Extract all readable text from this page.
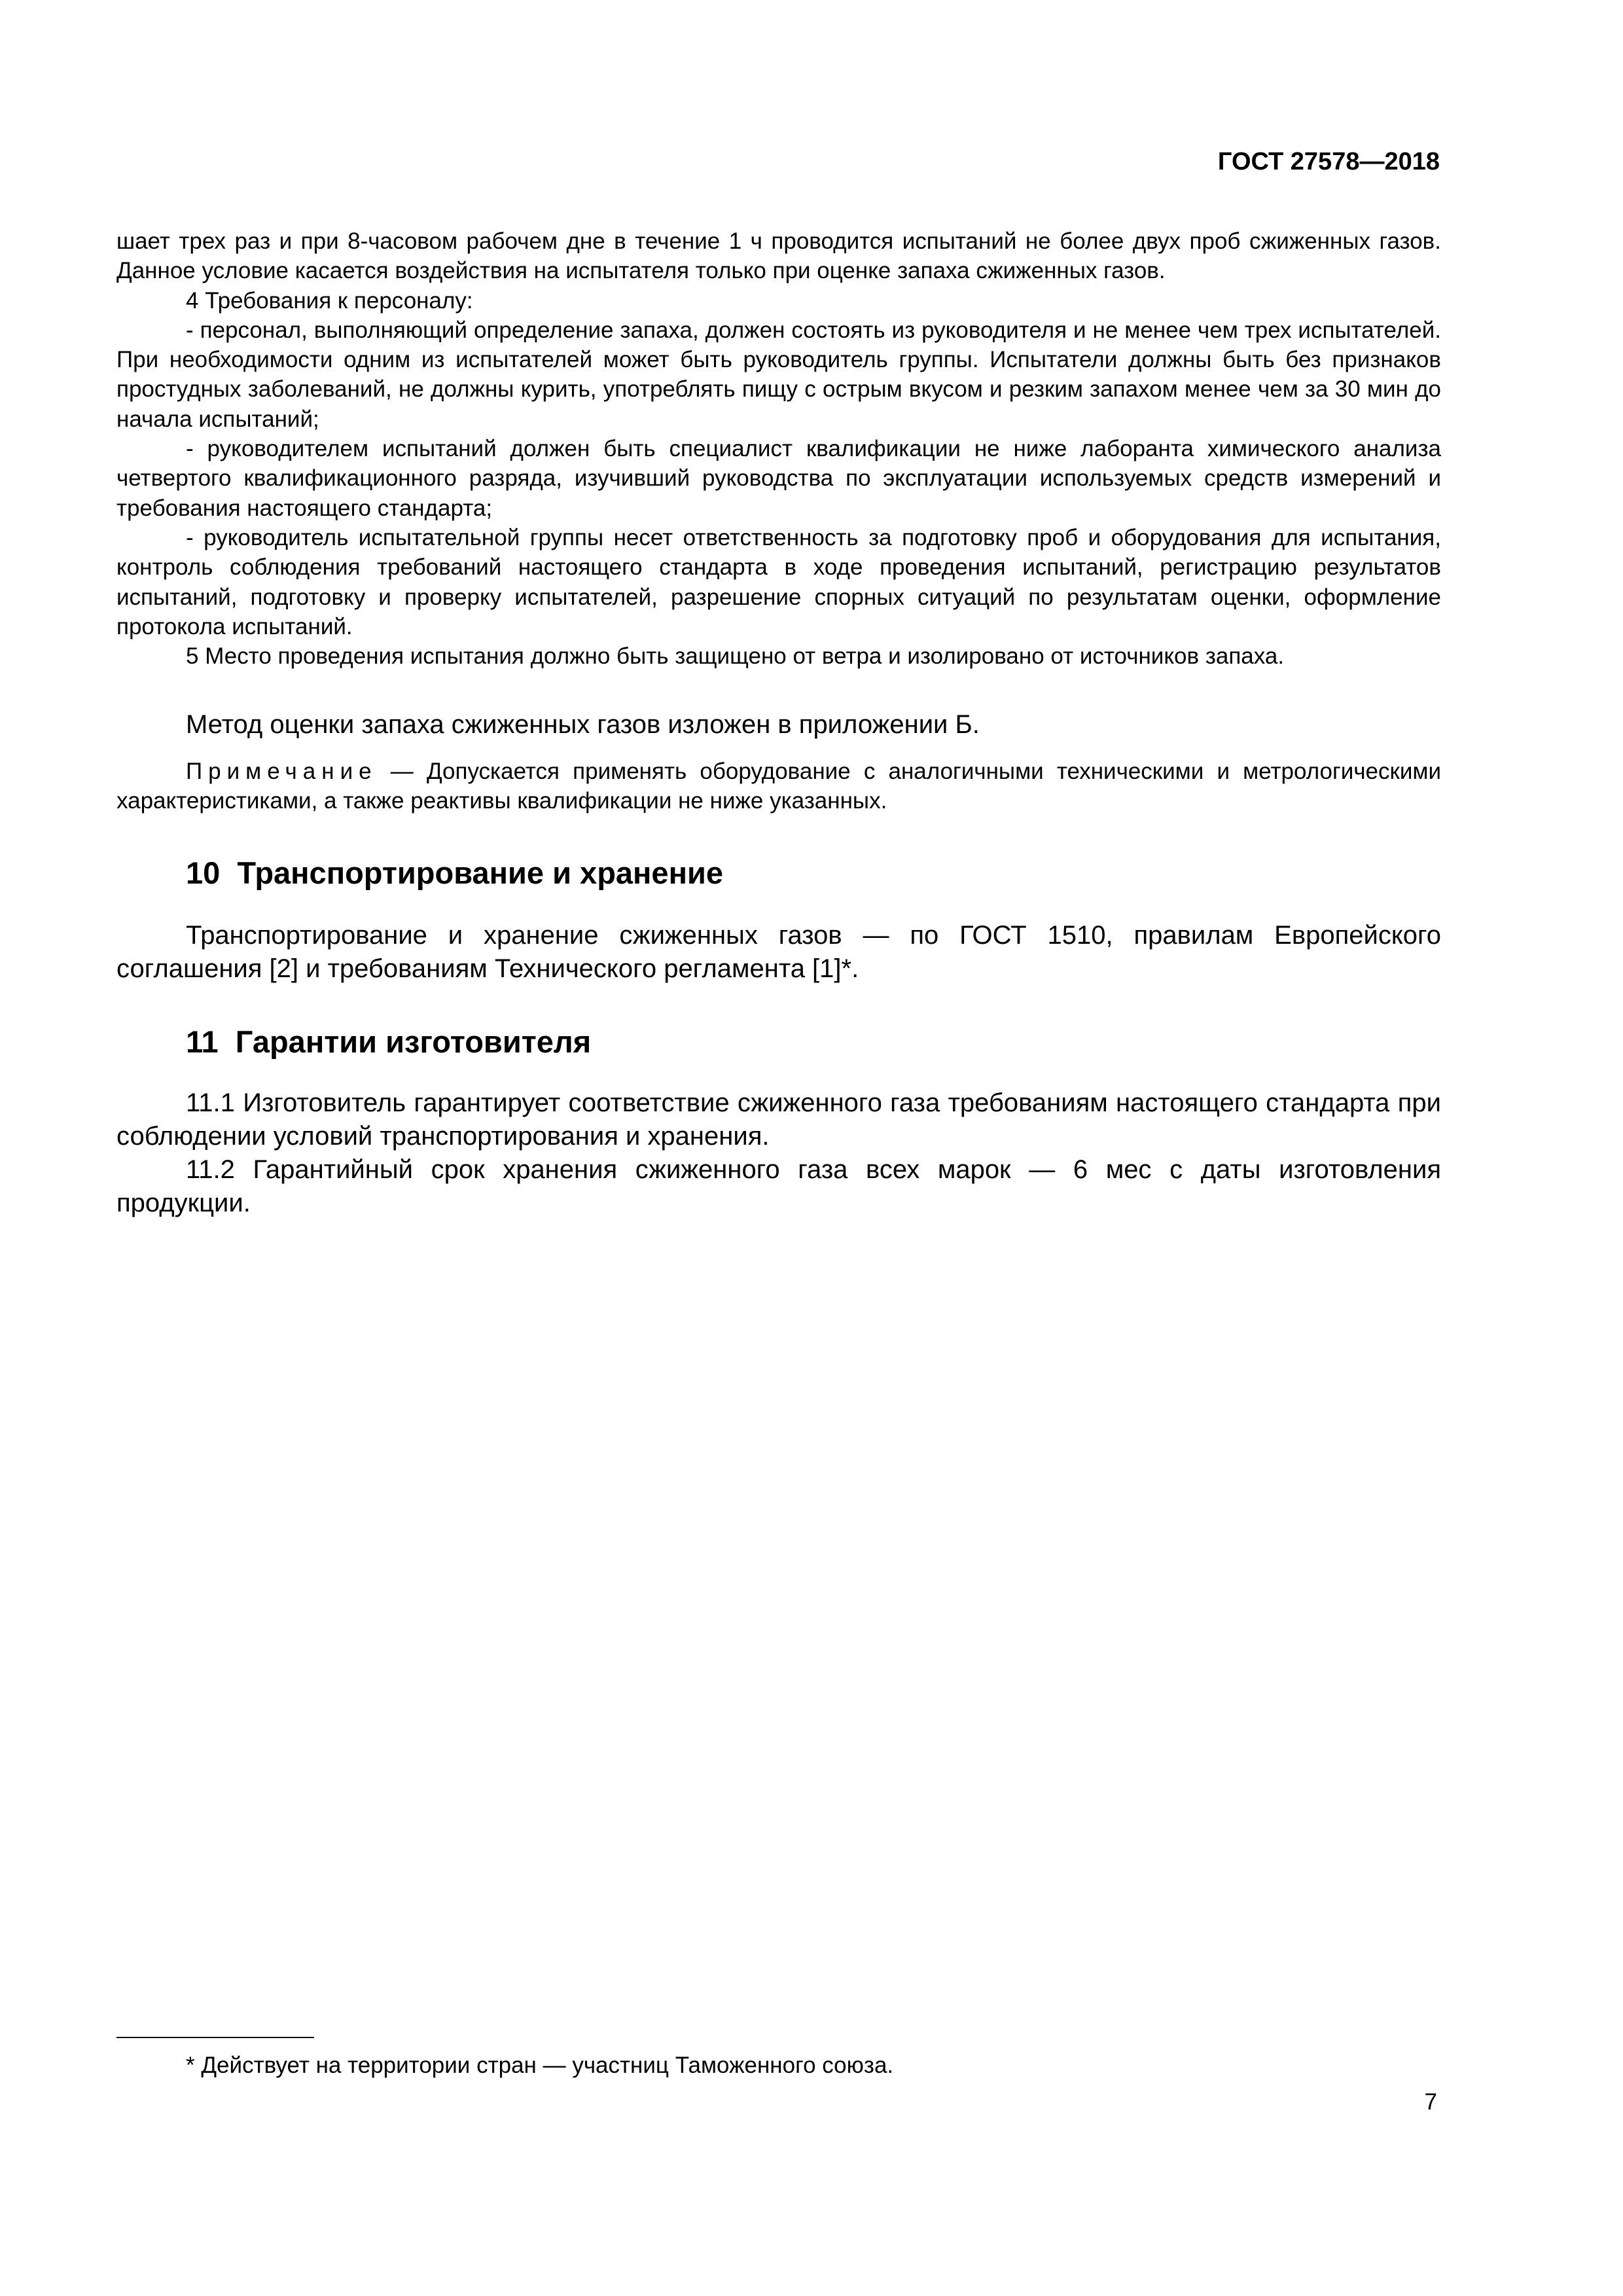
ГОСТ 27578—2018

шает трех раз и при 8-часовом рабочем дне в течение 1 ч проводится испытаний не более двух проб сжиженных газов. Данное условие касается воздействия на испытателя только при оценке запаха сжиженных газов.

4 Требования к персоналу:

- персонал, выполняющий определение запаха, должен состоять из руководителя и не менее чем трех испытателей. При необходимости одним из испытателей может быть руководитель группы. Испытатели должны быть без признаков простудных заболеваний, не должны курить, употреблять пищу с острым вкусом и резким запахом менее чем за 30 мин до начала испытаний;

- руководителем испытаний должен быть специалист квалификации не ниже лаборанта химического анализа четвертого квалификационного разряда, изучивший руководства по эксплуатации используемых средств измерений и требования настоящего стандарта;

- руководитель испытательной группы несет ответственность за подготовку проб и оборудования для испытания, контроль соблюдения требований настоящего стандарта в ходе проведения испытаний, регистрацию результатов испытаний, подготовку и проверку испытателей, разрешение спорных ситуаций по результатам оценки, оформление протокола испытаний.

5 Место проведения испытания должно быть защищено от ветра и изолировано от источников запаха.

Метод оценки запаха сжиженных газов изложен в приложении Б.

Примечание — Допускается применять оборудование с аналогичными техническими и метрологическими характеристиками, а также реактивы квалификации не ниже указанных.

10  Транспортирование и хранение

Транспортирование и хранение сжиженных газов — по ГОСТ 1510, правилам Европейского соглашения [2] и требованиям Технического регламента [1]*.

11  Гарантии изготовителя

11.1 Изготовитель гарантирует соответствие сжиженного газа требованиям настоящего стандарта при соблюдении условий транспортирования и хранения.

11.2 Гарантийный срок хранения сжиженного газа всех марок — 6 мес с даты изготовления продукции.

* Действует на территории стран — участниц Таможенного союза.

7
